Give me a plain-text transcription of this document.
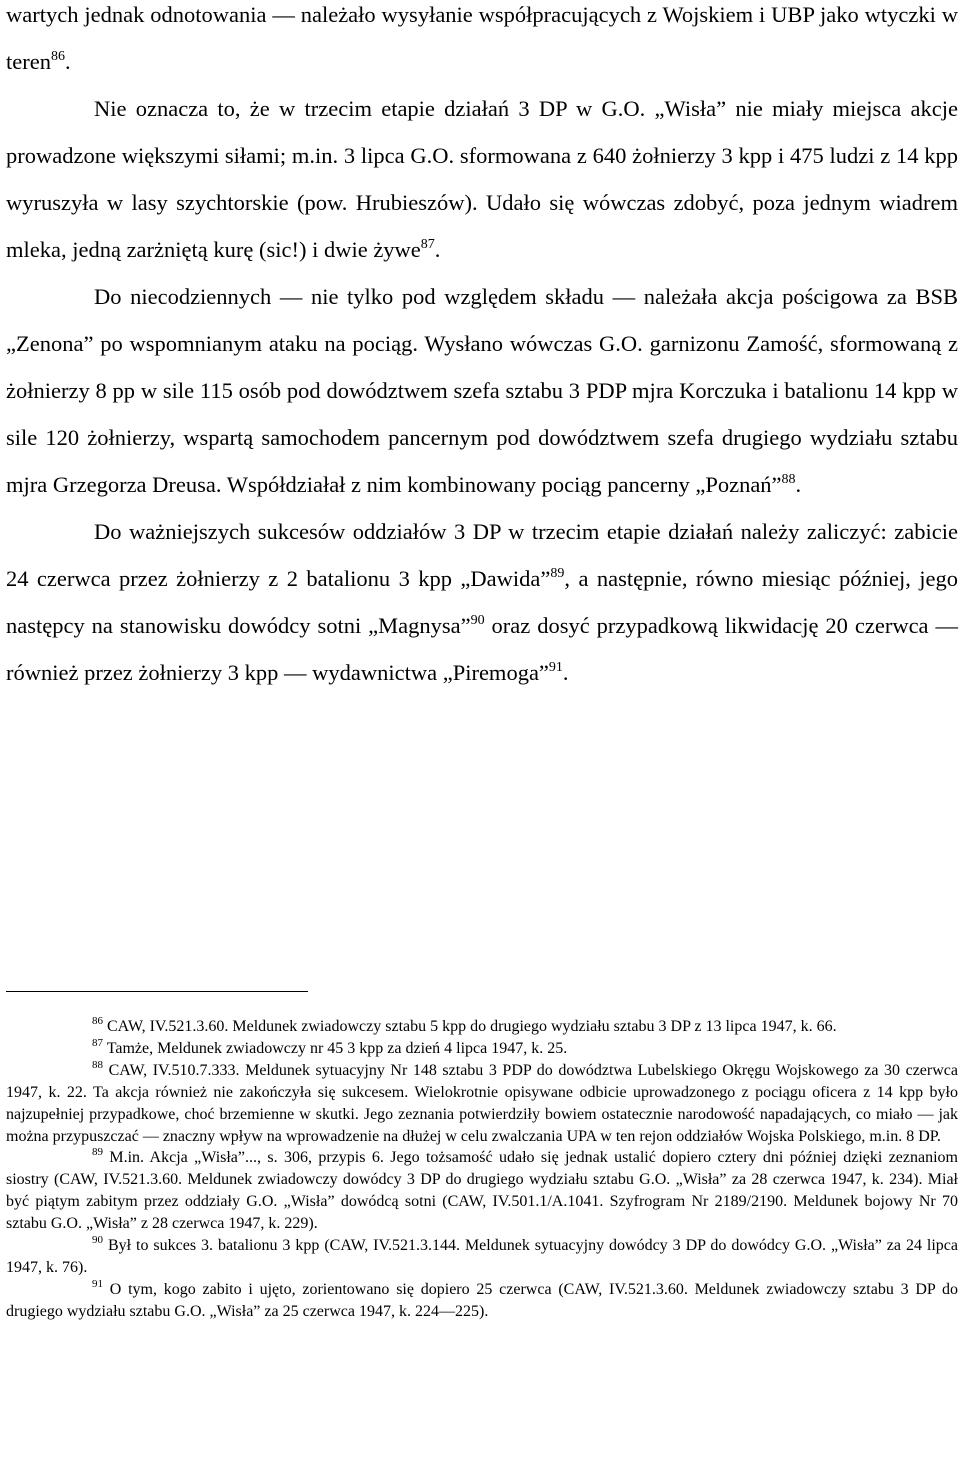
wartych jednak odnotowania — należało wysyłanie współpracujących z Wojskiem i UBP jako wtyczki w teren$^{86}$.

Nie oznacza to, że w trzecim etapie działań 3 DP w G.O. „Wisła” nie miały miejsca akcje prowadzone większymi siłami; m.in. 3 lipca G.O. sformowana z 640 żołnierzy 3 kpp i 475 ludzi z 14 kpp wyruszyła w lasy szychtorskie (pow. Hrubieszów). Udało się wówczas zdobyć, poza jednym wiadrem mleka, jedną zarżniętą kurę (sic!) i dwie żywe$^{87}$.

Do niecodziennych — nie tylko pod względem składu — należała akcja pościgowa za BSB „Zenona” po wspomnianym ataku na pociąg. Wysłano wówczas G.O. garnizonu Zamość, sformowaną z żołnierzy 8 pp w sile 115 osób pod dowództwem szefa sztabu 3 PDP mjra Korczuka i batalionu 14 kpp w sile 120 żołnierzy, wspartą samochodem pancernym pod dowództwem szefa drugiego wydziału sztabu mjra Grzegorza Dreusa. Współdziałał z nim kombinowany pociąg pancerny „Poznań”$^{88}$.

Do ważniejszych sukcesów oddziałów 3 DP w trzecim etapie działań należy zaliczyć: zabicie 24 czerwca przez żołnierzy z 2 batalionu 3 kpp „Dawida”$^{89}$, a następnie, równo miesiąc później, jego następcy na stanowisku dowódcy sotni „Magnysa”$^{90}$ oraz dosyć przypadkową likwidację 20 czerwca — również przez żołnierzy 3 kpp — wydawnictwa „Piremoga”$^{91}$.

$^{86}$ CAW, IV.521.3.60. Meldunek zwiadowczy sztabu 5 kpp do drugiego wydziału sztabu 3 DP z 13 lipca 1947, k. 66.

$^{87}$ Tamże, Meldunek zwiadowczy nr 45 3 kpp za dzień 4 lipca 1947, k. 25.

$^{88}$ CAW, IV.510.7.333. Meldunek sytuacyjny Nr 148 sztabu 3 PDP do dowództwa Lubelskiego Okręgu Wojskowego za 30 czerwca 1947, k. 22. Ta akcja również nie zakończyła się sukcesem. Wielokrotnie opisywane odbicie uprowadzonego z pociągu oficera z 14 kpp było najzupełniej przypadkowe, choć brzemienne w skutki. Jego zeznania potwierdziły bowiem ostatecznie narodowość napadających, co miało — jak można przypuszczać — znaczny wpływ na wprowadzenie na dłużej w celu zwalczania UPA w ten rejon oddziałów Wojska Polskiego, m.in. 8 DP.

$^{89}$ M.in. Akcja „Wisła”..., s. 306, przypis 6. Jego tożsamość udało się jednak ustalić dopiero cztery dni później dzięki zeznaniom siostry (CAW, IV.521.3.60. Meldunek zwiadowczy dowódcy 3 DP do drugiego wydziału sztabu G.O. „Wisła” za 28 czerwca 1947, k. 234). Miał być piątym zabitym przez oddziały G.O. „Wisła” dowódcą sotni (CAW, IV.501.1/A.1041. Szyfrogram Nr 2189/2190. Meldunek bojowy Nr 70 sztabu G.O. „Wisła” z 28 czerwca 1947, k. 229).

$^{90}$ Był to sukces 3. batalionu 3 kpp (CAW, IV.521.3.144. Meldunek sytuacyjny dowódcy 3 DP do dowódcy G.O. „Wisła” za 24 lipca 1947, k. 76).

$^{91}$ O tym, kogo zabito i ujęto, zorientowano się dopiero 25 czerwca (CAW, IV.521.3.60. Meldunek zwiadowczy sztabu 3 DP do drugiego wydziału sztabu G.O. „Wisła” za 25 czerwca 1947, k. 224—225).
